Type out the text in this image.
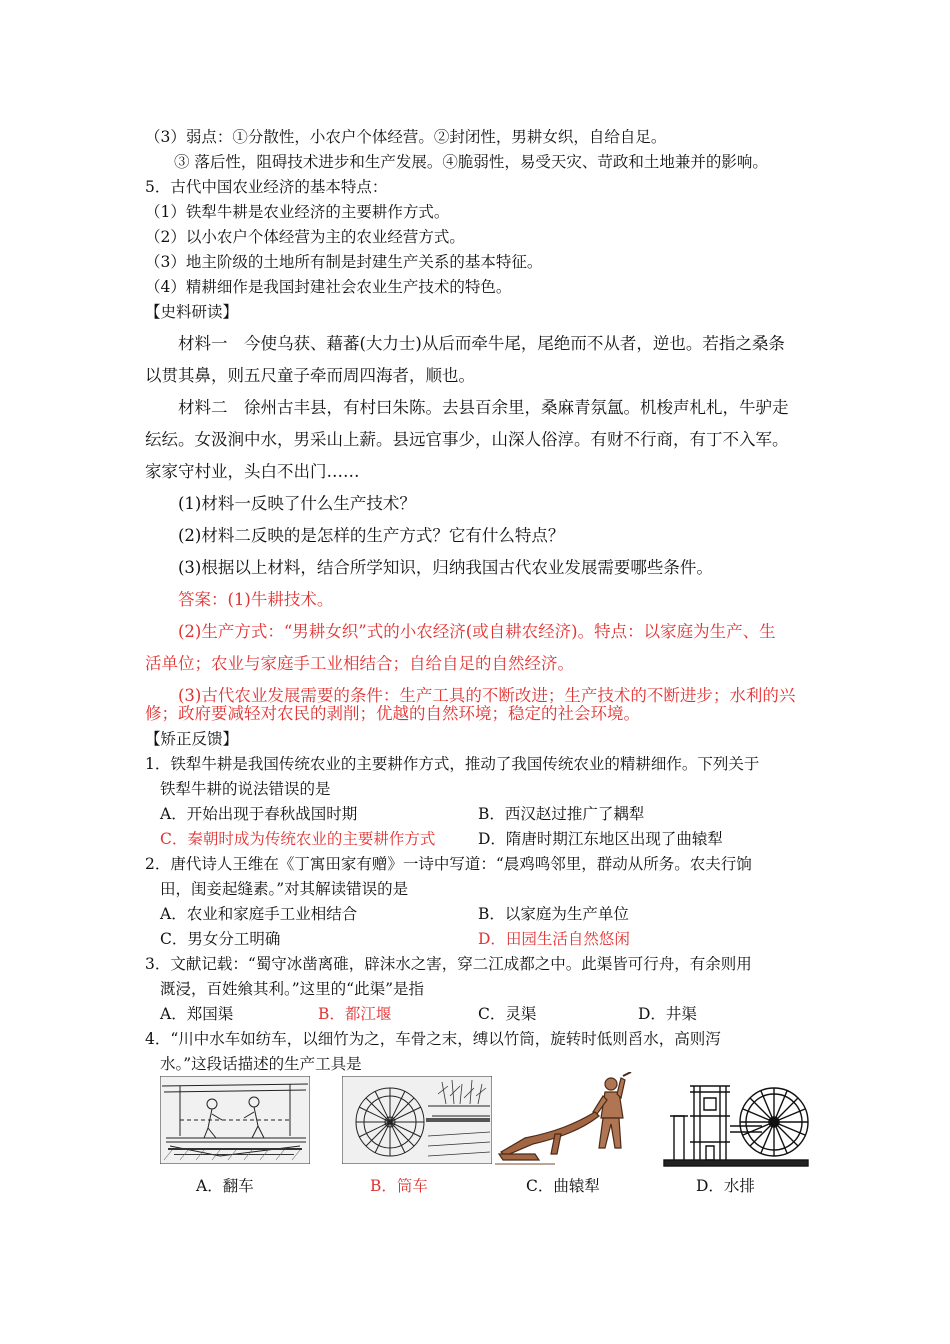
（3）弱点：①分散性，小农户个体经营。②封闭性，男耕女织，自给自足。
③ 落后性，阻碍技术进步和生产发展。④脆弱性，易受天灾、苛政和土地兼并的影响。
5．古代中国农业经济的基本特点：
（1）铁犁牛耕是农业经济的主要耕作方式。
（2）以小农户个体经营为主的农业经营方式。
（3）地主阶级的土地所有制是封建生产关系的基本特征。
（4）精耕细作是我国封建社会农业生产技术的特色。
【史料研读】
材料一　今使乌获、藉蕃(大力士)从后而牵牛尾，尾绝而不从者，逆也。若指之桑条
以贯其鼻，则五尺童子牵而周四海者，顺也。
材料二　徐州古丰县，有村曰朱陈。去县百余里，桑麻青氛氲。机梭声札札，牛驴走
纭纭。女汲涧中水，男采山上薪。县远官事少，山深人俗淳。有财不行商，有丁不入军。
家家守村业，头白不出门……
(1)材料一反映了什么生产技术？
(2)材料二反映的是怎样的生产方式？它有什么特点？
(3)根据以上材料，结合所学知识，归纳我国古代农业发展需要哪些条件。
答案：(1)牛耕技术。
(2)生产方式：“男耕女织”式的小农经济(或自耕农经济)。特点：以家庭为生产、生
活单位；农业与家庭手工业相结合；自给自足的自然经济。
(3)古代农业发展需要的条件：生产工具的不断改进；生产技术的不断进步；水利的兴
修；政府要减轻对农民的剥削；优越的自然环境；稳定的社会环境。
【矫正反馈】
1．铁犁牛耕是我国传统农业的主要耕作方式，推动了我国传统农业的精耕细作。下列关于
铁犁牛耕的说法错误的是
A．开始出现于春秋战国时期	B．西汉赵过推广了耦犁
C．秦朝时成为传统农业的主要耕作方式	D．隋唐时期江东地区出现了曲辕犁
2．唐代诗人王维在《丁寓田家有赠》一诗中写道：“晨鸡鸣邻里，群动从所务。农夫行饷
田，闺妾起缝素。”对其解读错误的是
A．农业和家庭手工业相结合	B．以家庭为生产单位
C．男女分工明确	D．田园生活自然悠闲
3．文献记载：“蜀守冰凿离碓，辟沫水之害，穿二江成都之中。此渠皆可行舟，有余则用
溉浸，百姓飨其利。”这里的“此渠”是指
A．郑国渠	B．都江堰	C．灵渠	D．井渠
4．“川中水车如纺车，以细竹为之，车骨之末，缚以竹筒，旋转时低则舀水，高则泻
水。”这段话描述的生产工具是
A．翻车	B．筒车	C．曲辕犁	D．水排
